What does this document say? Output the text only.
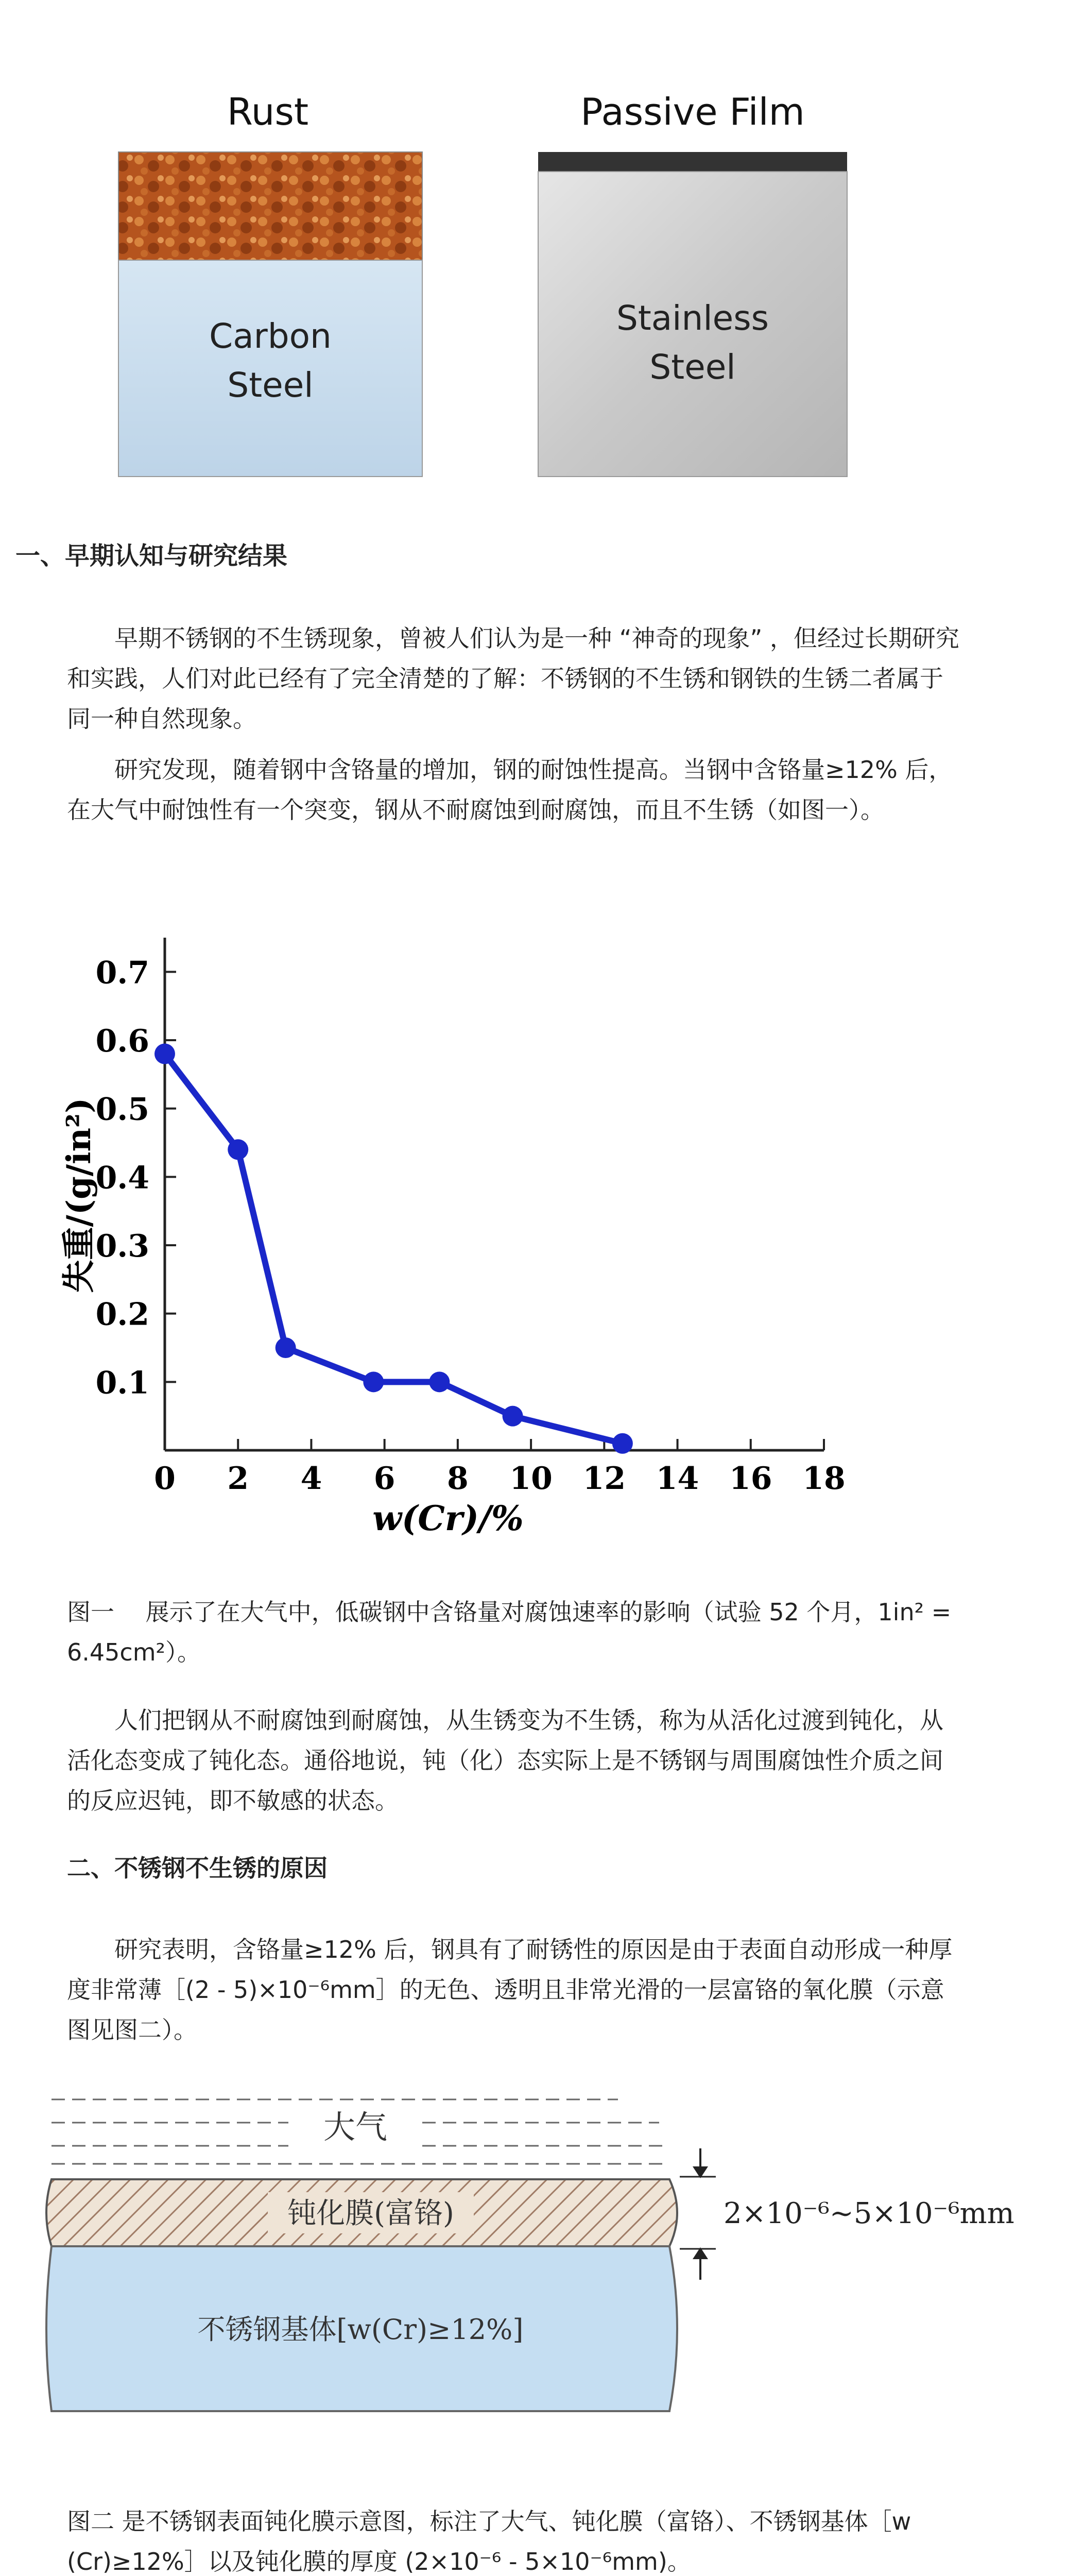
Rust
Carbon
Steel
Passive Film
Stainless
Steel
一、早期认知与研究结果

早期不锈钢的不生锈现象，曾被人们认为是一种 “神奇的现象” ，但经过长期研究和实践，人们对此已经有了完全清楚的了解：不锈钢的不生锈和钢铁的生锈二者属于同一种自然现象。

研究发现，随着钢中含铬量的增加，钢的耐蚀性提高。当钢中含铬量≥12% 后，在大气中耐蚀性有一个突变，钢从不耐腐蚀到耐腐蚀，而且不生锈（如图一）。

0.1
0.2
0.3
0.4
0.5
0.6
0.7
0 2 4 6 8 10 12 14 16 18
失重/(g/in²)
w(Cr)/%

图一　 展示了在大气中，低碳钢中含铬量对腐蚀速率的影响（试验 52 个月，1in² = 6.45cm²）。

人们把钢从不耐腐蚀到耐腐蚀，从生锈变为不生锈，称为从活化过渡到钝化，从活化态变成了钝化态。通俗地说，钝（化）态实际上是不锈钢与周围腐蚀性介质之间的反应迟钝，即不敏感的状态。

二、不锈钢不生锈的原因

研究表明，含铬量≥12% 后，钢具有了耐锈性的原因是由于表面自动形成一种厚度非常薄［(2 - 5)×10⁻⁶mm］的无色、透明且非常光滑的一层富铬的氧化膜（示意图见图二）。

大气
钝化膜(富铬)
不锈钢基体[w(Cr)≥12%]
2×10⁻⁶~5×10⁻⁶mm

图二 是不锈钢表面钝化膜示意图，标注了大气、钝化膜（富铬）、不锈钢基体［w (Cr)≥12%］以及钝化膜的厚度 (2×10⁻⁶ - 5×10⁻⁶mm)。
